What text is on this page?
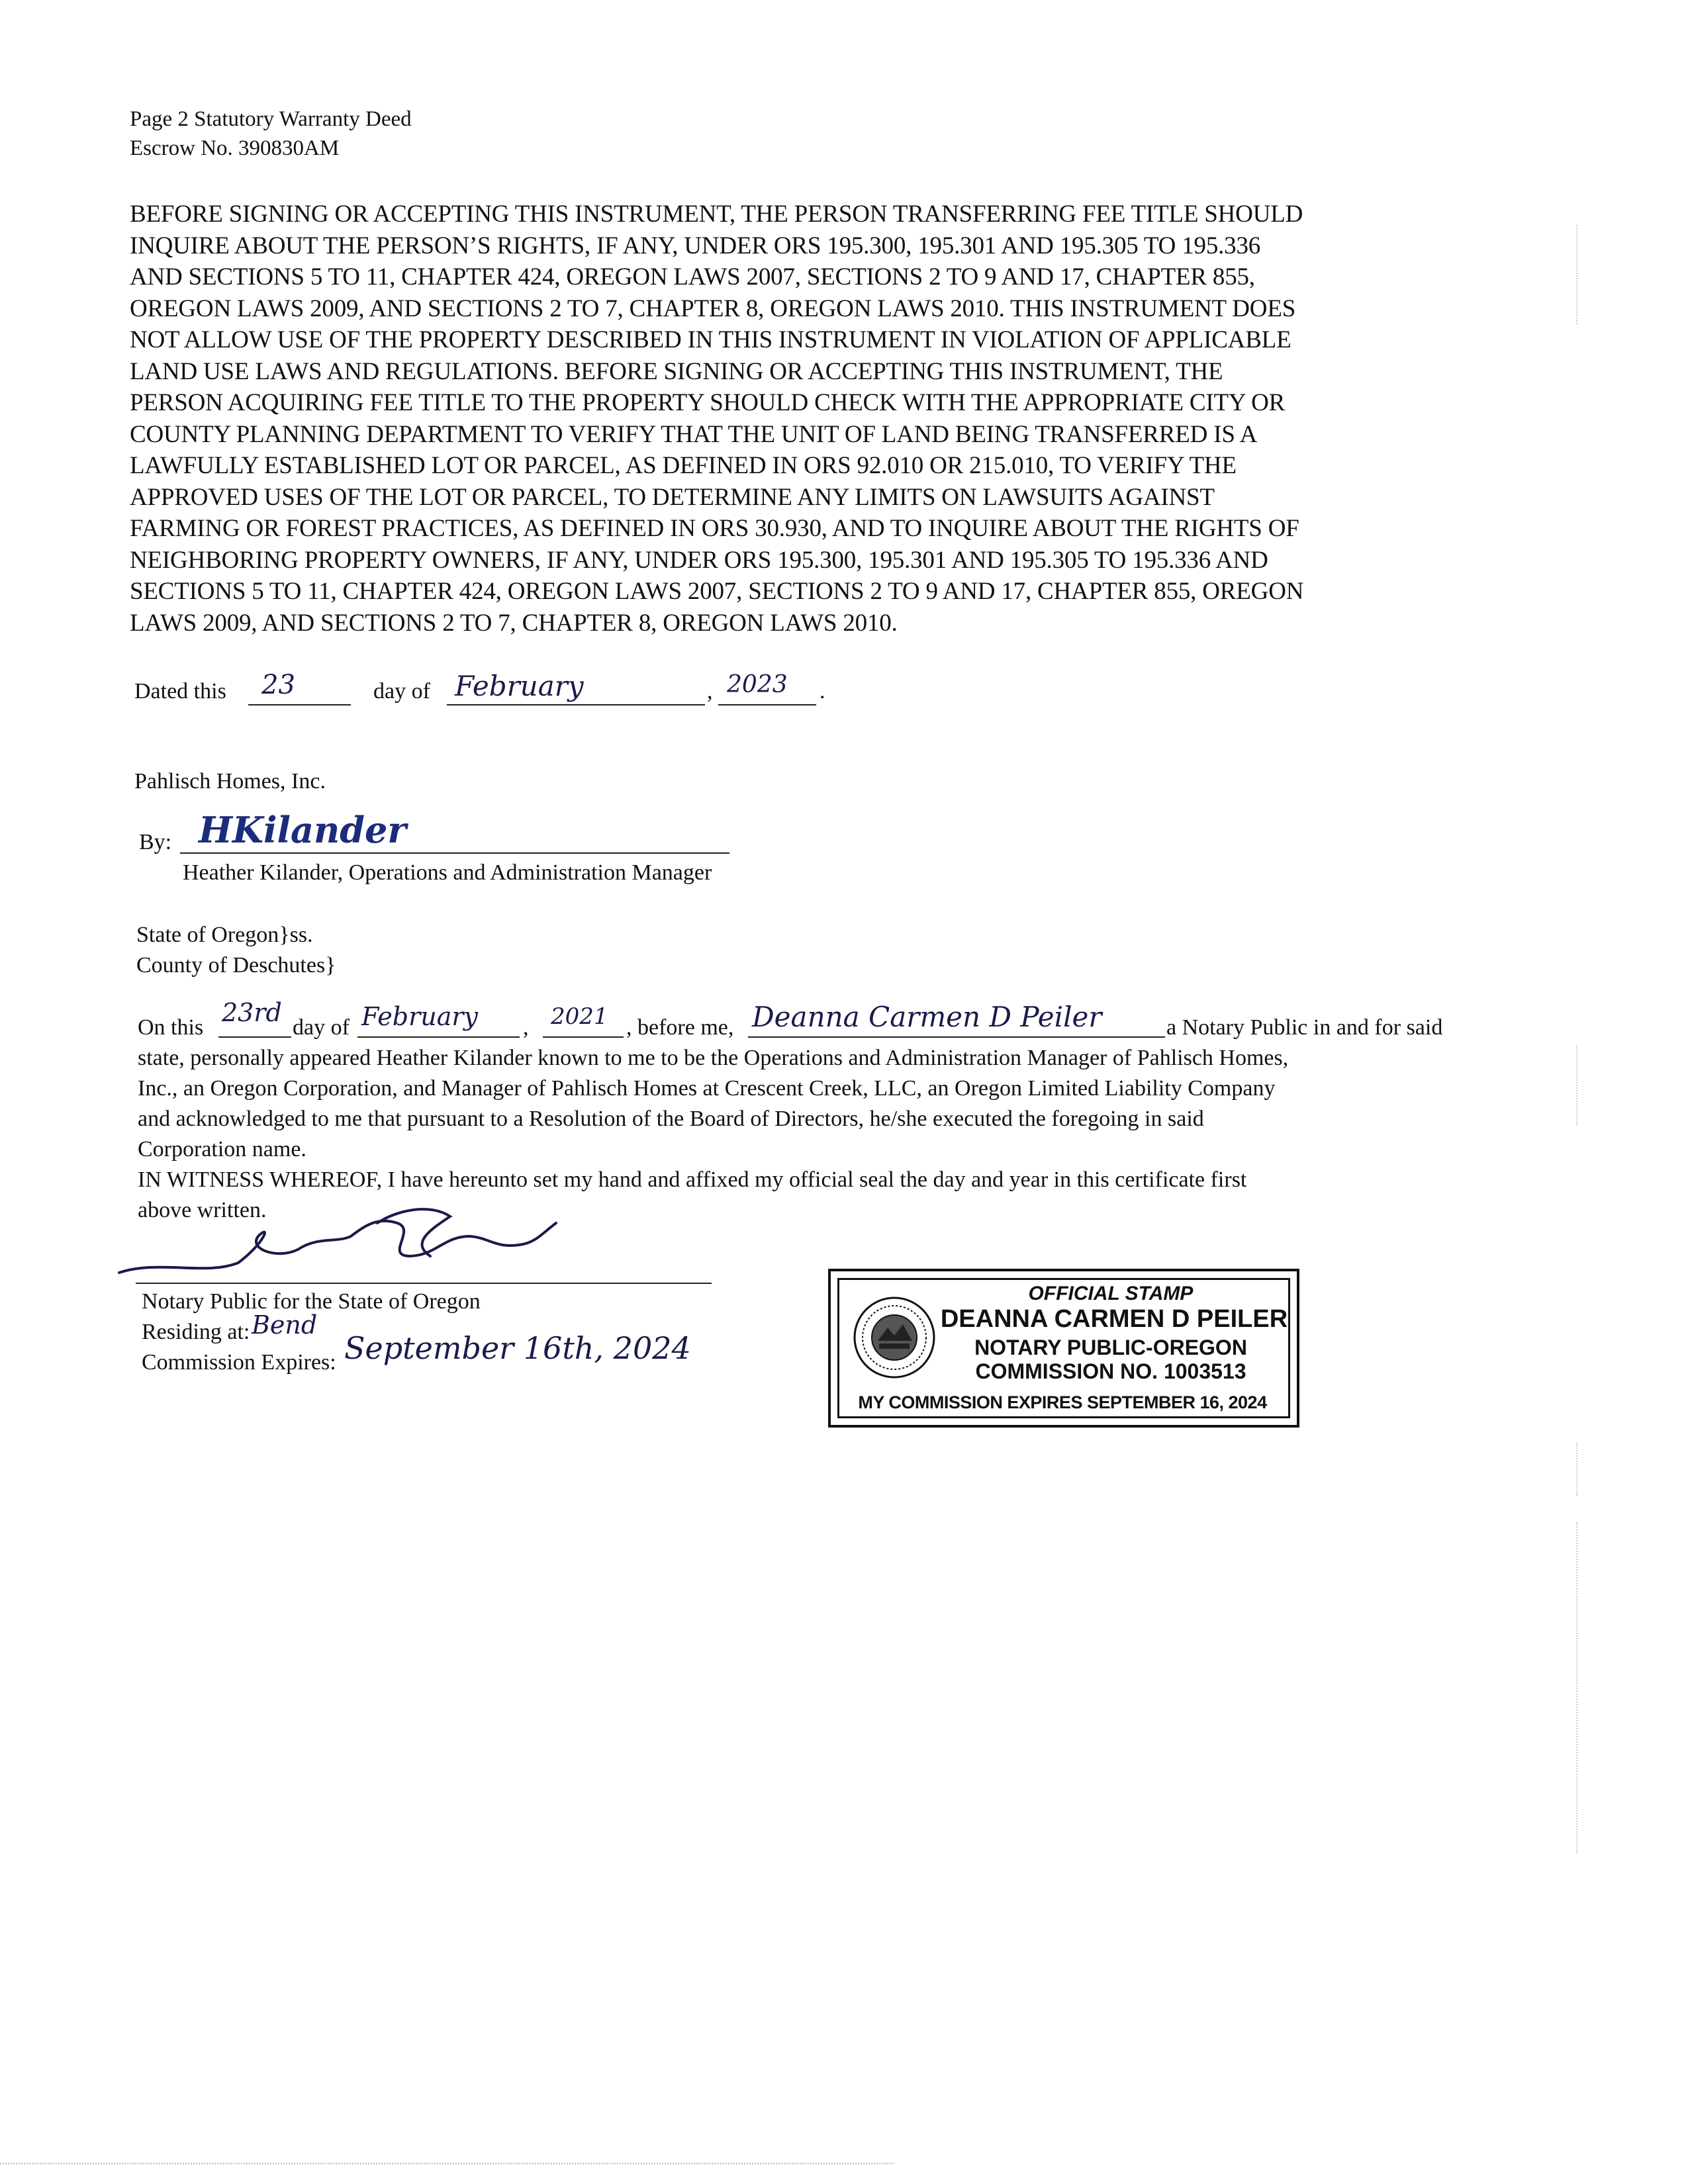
Page 2 Statutory Warranty Deed
Escrow No. 390830AM
BEFORE SIGNING OR ACCEPTING THIS INSTRUMENT, THE PERSON TRANSFERRING FEE TITLE SHOULD
INQUIRE ABOUT THE PERSON’S RIGHTS, IF ANY, UNDER ORS 195.300, 195.301 AND 195.305 TO 195.336
AND SECTIONS 5 TO 11, CHAPTER 424, OREGON LAWS 2007, SECTIONS 2 TO 9 AND 17, CHAPTER 855,
OREGON LAWS 2009, AND SECTIONS 2 TO 7, CHAPTER 8, OREGON LAWS 2010. THIS INSTRUMENT DOES
NOT ALLOW USE OF THE PROPERTY DESCRIBED IN THIS INSTRUMENT IN VIOLATION OF APPLICABLE
LAND USE LAWS AND REGULATIONS. BEFORE SIGNING OR ACCEPTING THIS INSTRUMENT, THE
PERSON ACQUIRING FEE TITLE TO THE PROPERTY SHOULD CHECK WITH THE APPROPRIATE CITY OR
COUNTY PLANNING DEPARTMENT TO VERIFY THAT THE UNIT OF LAND BEING TRANSFERRED IS A
LAWFULLY ESTABLISHED LOT OR PARCEL, AS DEFINED IN ORS 92.010 OR 215.010, TO VERIFY THE
APPROVED USES OF THE LOT OR PARCEL, TO DETERMINE ANY LIMITS ON LAWSUITS AGAINST
FARMING OR FOREST PRACTICES, AS DEFINED IN ORS 30.930, AND TO INQUIRE ABOUT THE RIGHTS OF
NEIGHBORING PROPERTY OWNERS, IF ANY, UNDER ORS 195.300, 195.301 AND 195.305 TO 195.336 AND
SECTIONS 5 TO 11, CHAPTER 424, OREGON LAWS 2007, SECTIONS 2 TO 9 AND 17, CHAPTER 855, OREGON
LAWS 2009, AND SECTIONS 2 TO 7, CHAPTER 8, OREGON LAWS 2010.
Dated this 23	day of February	, 2023 .
Pahlisch Homes, Inc.
By: HKilander
Heather Kilander, Operations and Administration Manager
State of Oregon}ss.
County of Deschutes}
On this
23rd
day of February , 2021 , before me, Deanna Carmen D Peiler	a Notary Public in and for said
state, personally appeared Heather Kilander known to me to be the Operations and Administration Manager of Pahlisch Homes,
Inc., an Oregon Corporation, and Manager of Pahlisch Homes at Crescent Creek, LLC, an Oregon Limited Liability Company
and acknowledged to me that pursuant to a Resolution of the Board of Directors, he/she executed the foregoing in said
Corporation name.
IN WITNESS WHEREOF, I have hereunto set my hand and affixed my official seal the day and year in this certificate first
above written.
Notary Public for the State of Oregon
Residing at: Bend
Commission Expires: September 16th, 2024
OFFICIAL STAMP
DEANNA CARMEN D PEILER
NOTARY PUBLIC-OREGON
COMMISSION NO. 1003513
MY COMMISSION EXPIRES SEPTEMBER 16, 2024
